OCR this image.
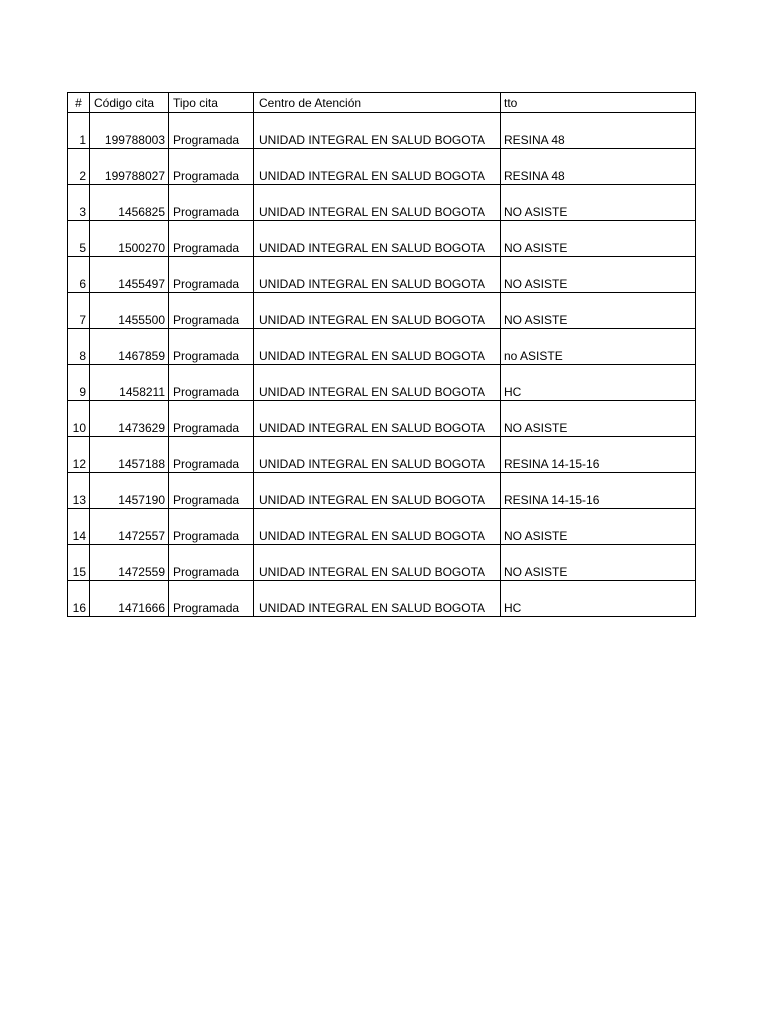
#	Código cita	Tipo cita	Centro de Atención	tto
1	199788003	Programada	UNIDAD INTEGRAL EN SALUD BOGOTA	RESINA 48
2	199788027	Programada	UNIDAD INTEGRAL EN SALUD BOGOTA	RESINA 48
3	1456825	Programada	UNIDAD INTEGRAL EN SALUD BOGOTA	NO ASISTE
5	1500270	Programada	UNIDAD INTEGRAL EN SALUD BOGOTA	NO ASISTE
6	1455497	Programada	UNIDAD INTEGRAL EN SALUD BOGOTA	NO ASISTE
7	1455500	Programada	UNIDAD INTEGRAL EN SALUD BOGOTA	NO ASISTE
8	1467859	Programada	UNIDAD INTEGRAL EN SALUD BOGOTA	no ASISTE
9	1458211	Programada	UNIDAD INTEGRAL EN SALUD BOGOTA	HC
10	1473629	Programada	UNIDAD INTEGRAL EN SALUD BOGOTA	NO ASISTE
12	1457188	Programada	UNIDAD INTEGRAL EN SALUD BOGOTA	RESINA 14-15-16
13	1457190	Programada	UNIDAD INTEGRAL EN SALUD BOGOTA	RESINA 14-15-16
14	1472557	Programada	UNIDAD INTEGRAL EN SALUD BOGOTA	NO ASISTE
15	1472559	Programada	UNIDAD INTEGRAL EN SALUD BOGOTA	NO ASISTE
16	1471666	Programada	UNIDAD INTEGRAL EN SALUD BOGOTA	HC
